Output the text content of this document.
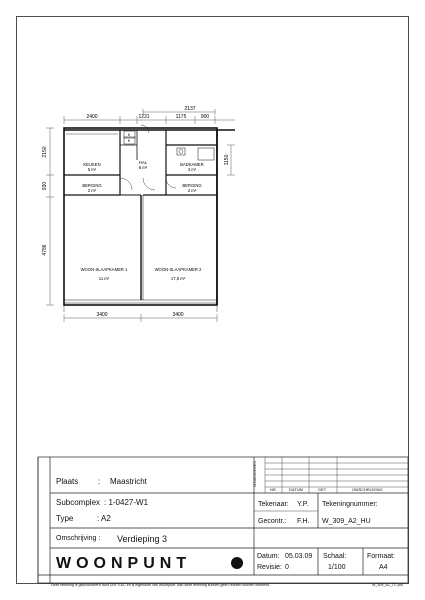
2400
2137
1231	1175	900
2150
930
4786
1150
3400	3400
KEUKEN
5 m²
BERGING
2 m²
HAL
6 m²
BADKAMER
3 m²
BERGING
2 m²
WOON-SLAAPKAMER 1
11 m²
WOON-SLAAPKAMER 2
17,5 m²
K
K
Plaats : Maastricht
Subcomplex : 1-0427-W1
Type	: A2
Omschrijving : Verdieping 3
WOONPUNT
WIJZIGINGEN
NR	DATUM	GET	OMSCHRIJVING
Tekenaar: Y.P.
Gecontr.: F.H.
Tekeningnummer:
W_309_A2_HU
Datum: 05.03.09
Revisie: 0
Schaal:
1/100
Formaat:
A4
Deze tekening is geproduceerd door DDF E&C en is eigendom van Woonpunt. Aan deze tekening kunnen geen rechten worden ontleend.	W_309_A2_TC.pdf
